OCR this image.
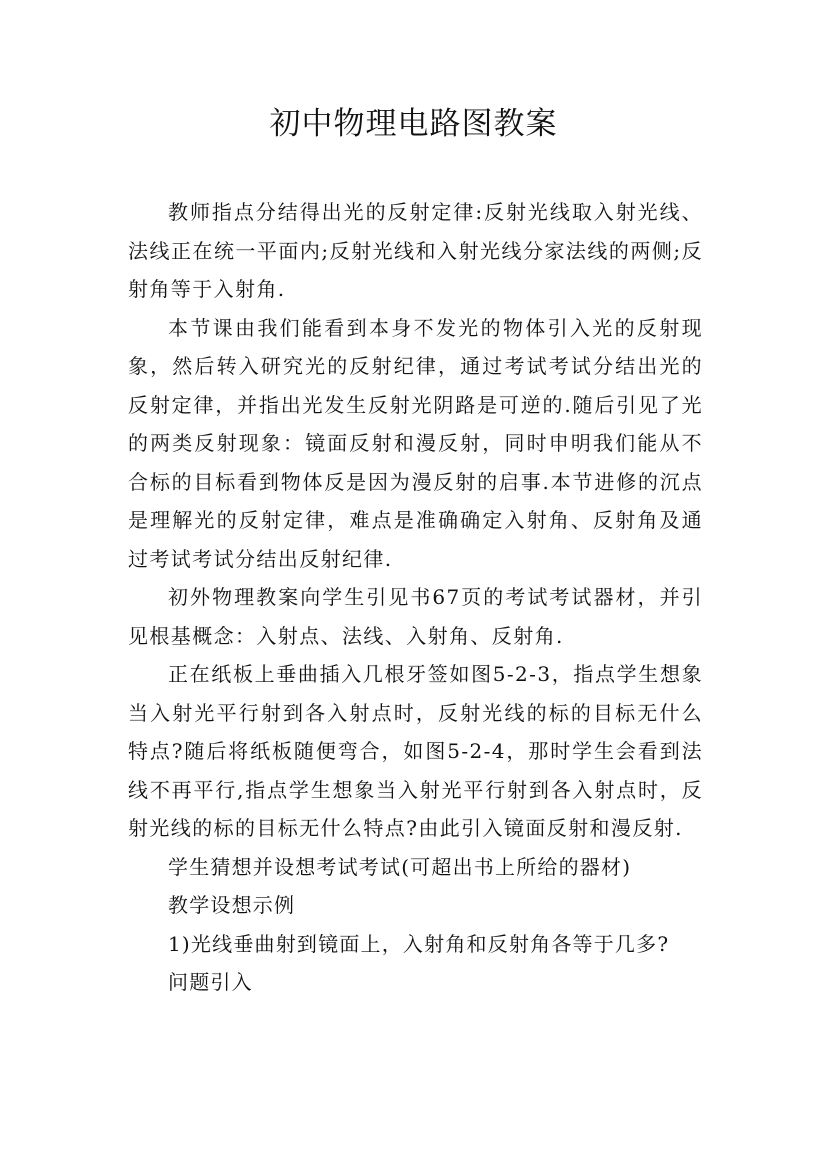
初中物理电路图教案

教师指点分结得出光的反射定律:反射光线取入射光线、法线正在统一平面内;反射光线和入射光线分家法线的两侧;反射角等于入射角.

本节课由我们能看到本身不发光的物体引入光的反射现象，然后转入研究光的反射纪律，通过考试考试分结出光的反射定律，并指出光发生反射光阴路是可逆的.随后引见了光的两类反射现象：镜面反射和漫反射，同时申明我们能从不合标的目标看到物体反是因为漫反射的启事.本节进修的沉点是理解光的反射定律，难点是准确确定入射角、反射角及通过考试考试分结出反射纪律.

初外物理教案向学生引见书67页的考试考试器材，并引见根基概念：入射点、法线、入射角、反射角.

正在纸板上垂曲插入几根牙签如图5-2-3，指点学生想象当入射光平行射到各入射点时，反射光线的标的目标无什么特点?随后将纸板随便弯合，如图5-2-4，那时学生会看到法线不再平行,指点学生想象当入射光平行射到各入射点时，反射光线的标的目标无什么特点?由此引入镜面反射和漫反射.

学生猜想并设想考试考试(可超出书上所给的器材)

教学设想示例

1)光线垂曲射到镜面上，入射角和反射角各等于几多?

问题引入
